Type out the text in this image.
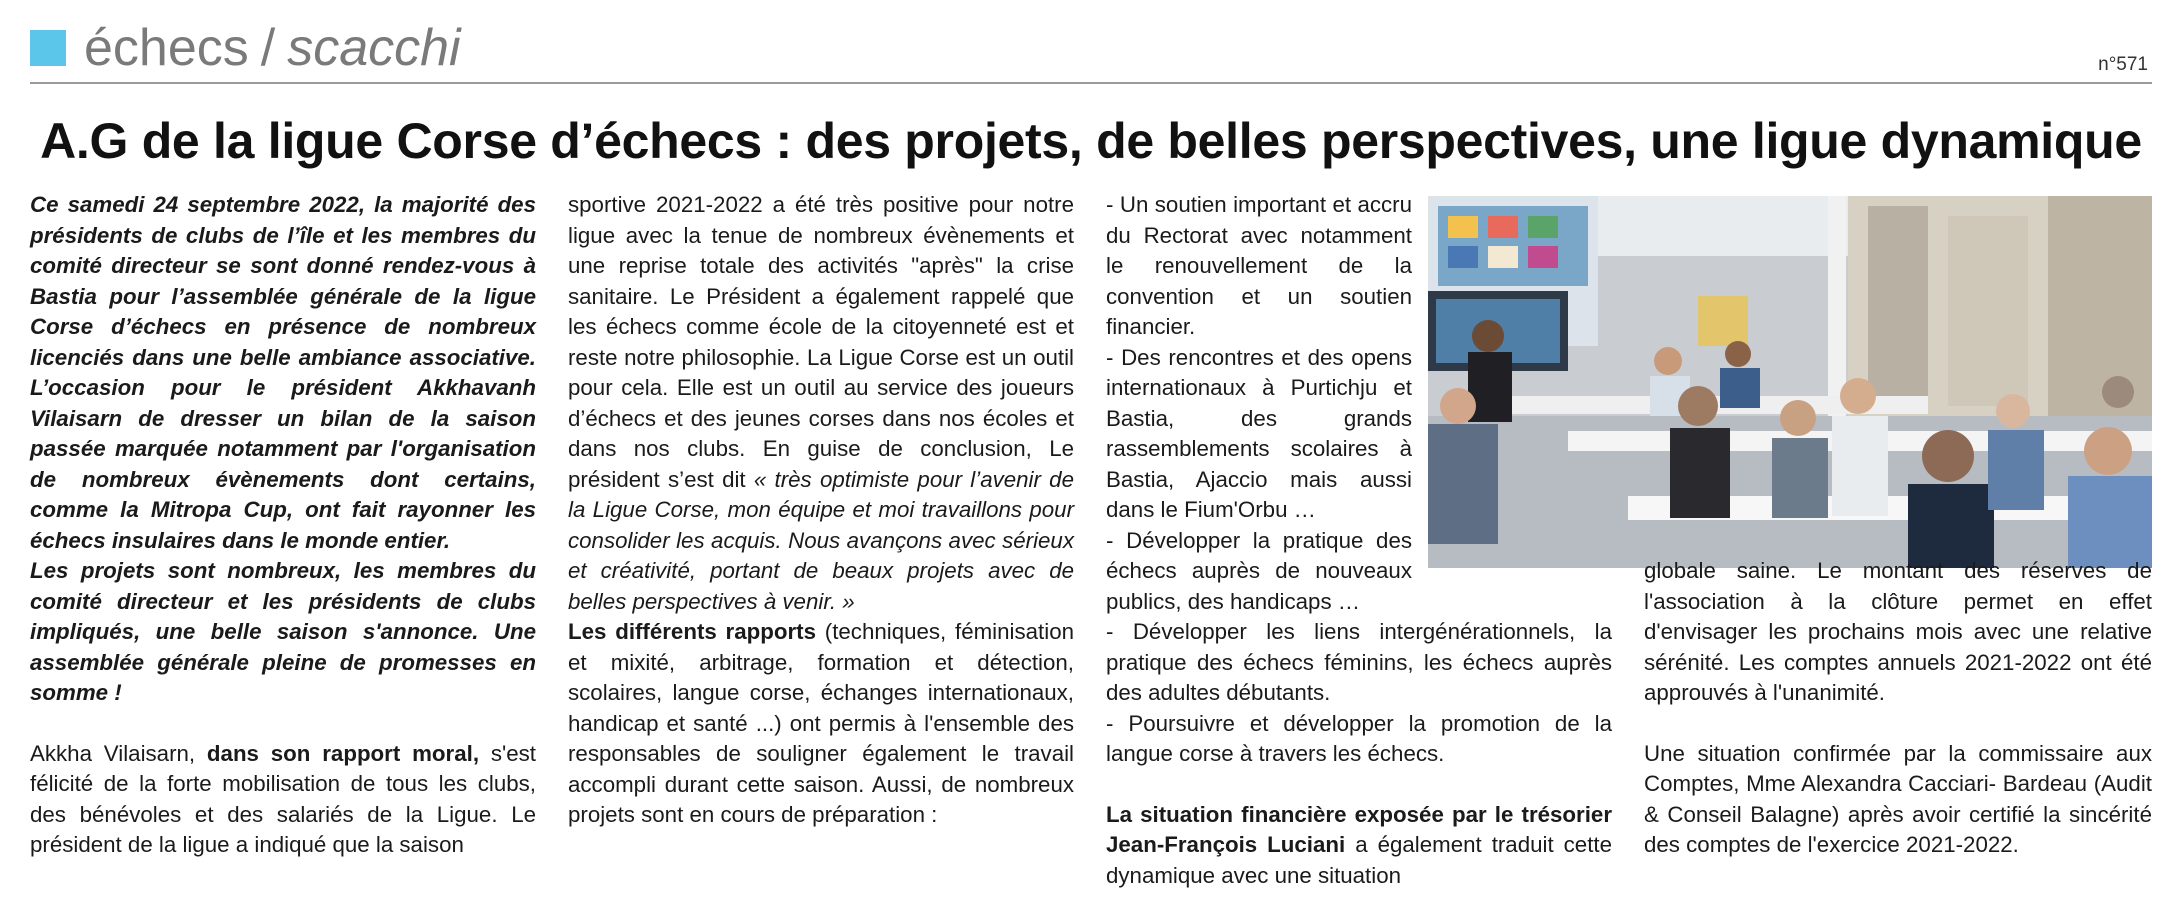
échecs / scacchi	n°571
A.G de la ligue Corse d’échecs : des projets, de belles perspectives, une ligue dynamique

Ce samedi 24 septembre 2022, la majorité des présidents de clubs de l’île et les membres du comité directeur se sont donné rendez-vous à Bastia pour l’assemblée générale de la ligue Corse d’échecs en présence de nombreux licenciés dans une belle ambiance associative. L’occasion pour le président Akkhavanh Vilaisarn de dresser un bilan de la saison passée marquée notamment par l'organisation de nombreux évènements dont certains, comme la Mitropa Cup, ont fait rayonner les échecs insulaires dans le monde entier.

Les projets sont nombreux, les membres du comité directeur et les présidents de clubs impliqués, une belle saison s'annonce. Une assemblée générale pleine de promesses en somme !

Akkha Vilaisarn, dans son rapport moral, s'est félicité de la forte mobilisation de tous les clubs, des bénévoles et des salariés de la Ligue. Le président de la ligue a indiqué que la saison

sportive 2021-2022 a été très positive pour notre ligue avec la tenue de nombreux évènements et une reprise totale des activités "après" la crise sanitaire. Le Président a également rappelé que les échecs comme école de la citoyenneté est et reste notre philosophie. La Ligue Corse est un outil pour cela. Elle est un outil au service des joueurs d’échecs et des jeunes corses dans nos écoles et dans nos clubs. En guise de conclusion, Le président s’est dit « très optimiste pour l’avenir de la Ligue Corse, mon équipe et moi travaillons pour consolider les acquis. Nous avançons avec sérieux et créativité, portant de beaux projets avec de belles perspectives à venir. »

Les différents rapports (techniques, féminisation et mixité, arbitrage, formation et détection, scolaires, langue corse, échanges internationaux, handicap et santé ...) ont permis à l'ensemble des responsables de souligner également le travail accompli durant cette saison. Aussi, de nombreux projets sont en cours de préparation :

- Un soutien important et accru du Rectorat avec notamment le renouvellement de la convention et un soutien financier.

- Des rencontres et des opens internationaux à Purtichju et Bastia, des grands rassemblements scolaires à Bastia, Ajaccio mais aussi dans le Fium'Orbu …

- Développer la pratique des échecs auprès de nouveaux publics, des handicaps …

- Développer les liens intergénérationnels, la pratique des échecs féminins, les échecs auprès des adultes débutants.

- Poursuivre et développer la promotion de la langue corse à travers les échecs.

La situation financière exposée par le trésorier Jean-François Luciani a également traduit cette dynamique avec une situation

globale saine. Le montant des réserves de l'association à la clôture permet en effet d'envisager les prochains mois avec une relative sérénité. Les comptes annuels 2021-2022 ont été approuvés à l'unanimité.

Une situation confirmée par la commissaire aux Comptes, Mme Alexandra Cacciari- Bardeau (Audit & Conseil Balagne) après avoir certifié la sincérité des comptes de l'exercice 2021-2022.
